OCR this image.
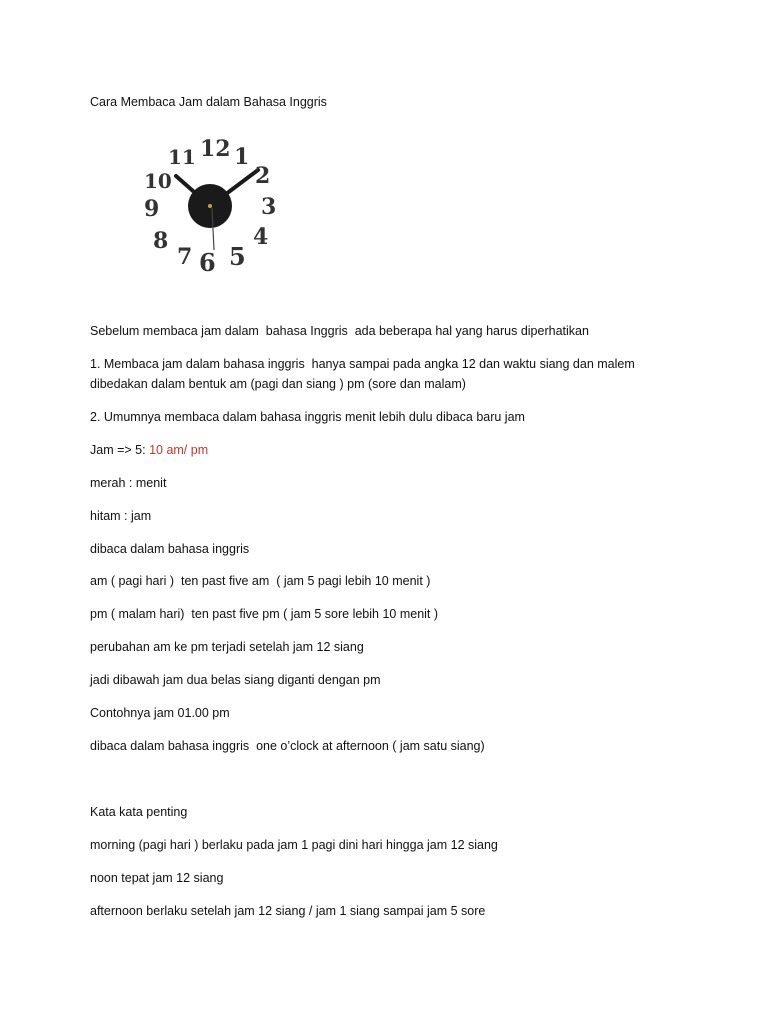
Cara Membaca Jam dalam Bahasa Inggris

12 1
2
3
4
5
6
7
8
9
10
11

Sebelum membaca jam dalam  bahasa Inggris  ada beberapa hal yang harus diperhatikan

1. Membaca jam dalam bahasa inggris  hanya sampai pada angka 12 dan waktu siang dan malem

dibedakan dalam bentuk am (pagi dan siang ) pm (sore dan malam)

2. Umumnya membaca dalam bahasa inggris menit lebih dulu dibaca baru jam

Jam => 5: 10 am/ pm

merah : menit

hitam : jam

dibaca dalam bahasa inggris

am ( pagi hari )  ten past five am  ( jam 5 pagi lebih 10 menit )

pm ( malam hari)  ten past five pm ( jam 5 sore lebih 10 menit )

perubahan am ke pm terjadi setelah jam 12 siang

jadi dibawah jam dua belas siang diganti dengan pm

Contohnya jam 01.00 pm

dibaca dalam bahasa inggris  one o’clock at afternoon ( jam satu siang)

Kata kata penting

morning (pagi hari ) berlaku pada jam 1 pagi dini hari hingga jam 12 siang

noon tepat jam 12 siang

afternoon berlaku setelah jam 12 siang / jam 1 siang sampai jam 5 sore
